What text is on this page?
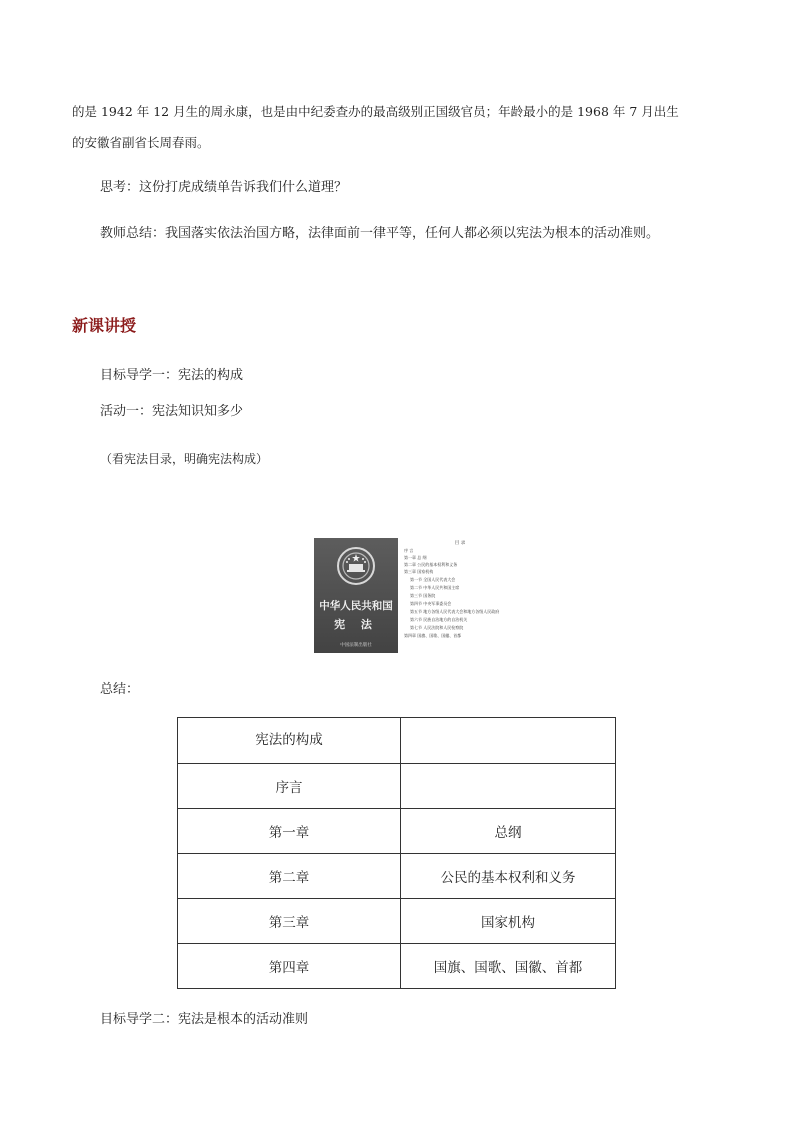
的是 1942 年 12 月生的周永康，也是由中纪委查办的最高级别正国级官员；年龄最小的是 1968 年 7 月出生
的安徽省副省长周春雨。
思考：这份打虎成绩单告诉我们什么道理？
教师总结：我国落实依法治国方略，法律面前一律平等，任何人都必须以宪法为根本的活动准则。
新课讲授
目标导学一：宪法的构成
活动一：宪法知识知多少
（看宪法目录，明确宪法构成）
中华人民共和国
宪 法
中国法制出版社
目 录
序 言
第一章 总 纲
第二章 公民的基本权利和义务
第三章 国家机构
第一节 全国人民代表大会
第二节 中华人民共和国主席
第三节 国务院
第四节 中央军事委员会
第五节 地方各级人民代表大会和地方各级人民政府
第六节 民族自治地方的自治机关
第七节 人民法院和人民检察院
第四章 国旗、国歌、国徽、首都
总结：
宪法的构成	
序言	
第一章	总纲
第二章	公民的基本权利和义务
第三章	国家机构
第四章	国旗、国歌、国徽、首都
目标导学二：宪法是根本的活动准则
